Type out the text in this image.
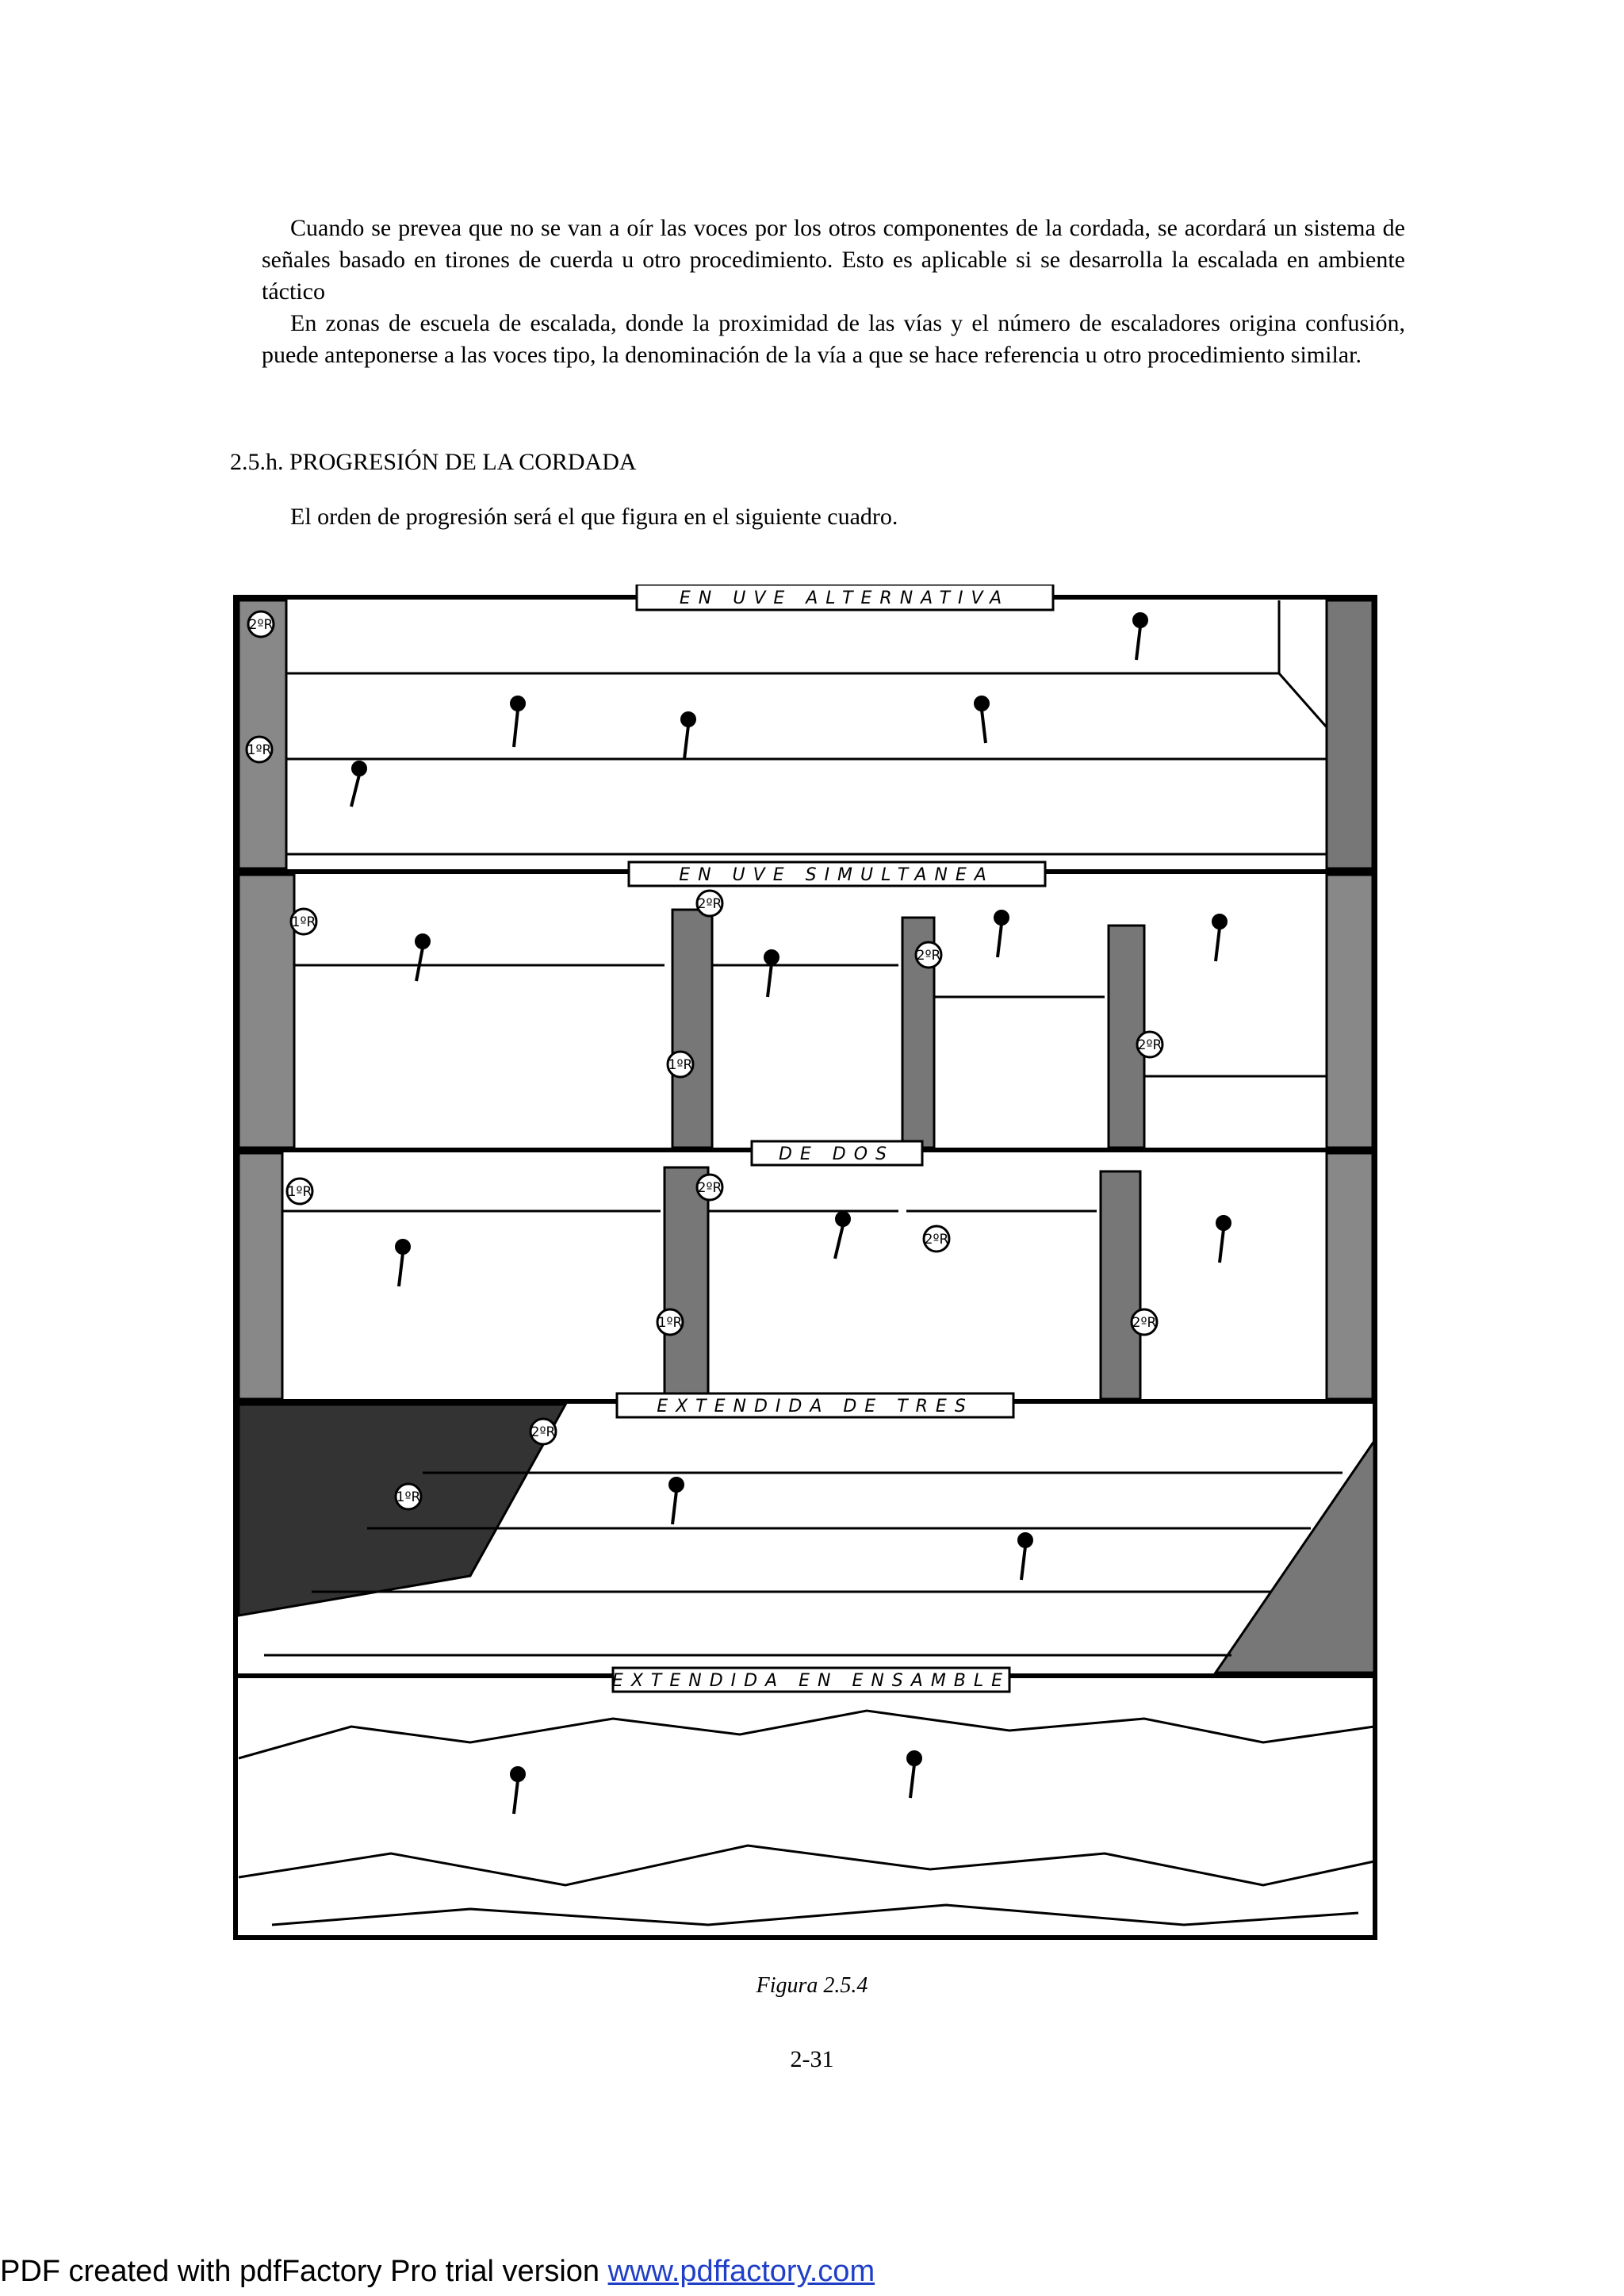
Cuando se prevea que no se van a oír las voces por los otros componentes de la cordada, se acordará un sistema de señales basado en tirones de cuerda u otro procedimiento. Esto es aplicable si se desarrolla la escalada en ambiente táctico

En zonas de escuela de escalada, donde la proximidad de las vías y el número de escaladores origina confusión, puede anteponerse a las voces tipo, la denominación de la vía a que se hace referencia u otro procedimiento similar.

2.5.h. PROGRESIÓN DE LA CORDADA

El orden de progresión será el que figura en el siguiente cuadro.

EN UVE ALTERNATIVA
EN UVE SIMULTANEA
DE DOS
EXTENDIDA DE TRES
EXTENDIDA EN ENSAMBLE
2ºR
1ºR
1ºR
2ºR
1ºR
2ºR
2ºR
1ºR	2ºR
1ºR
2ºR
2ºR
2ºR
1ºR

Figura 2.5.4

2-31

PDF created with pdfFactory Pro trial version www.pdffactory.com
